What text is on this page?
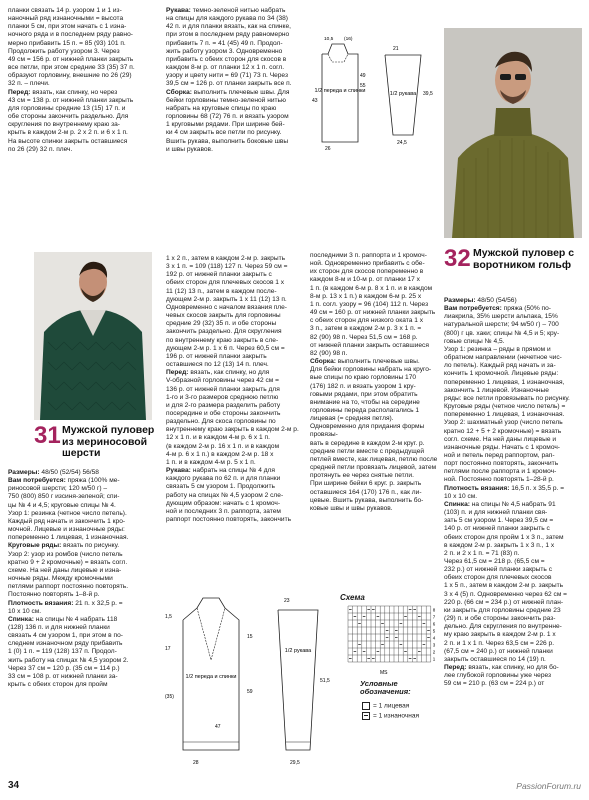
планки связать 14 р. узором 1 и 1 из-

наночный ряд изнаночными = высота

планки 5 см, при этом начать с 1 изна-

ночного ряда и в последнем ряду равно-

мерно прибавить 15 п. = 85 (93) 101 п.

Продолжить работу узором 3. Через

49 см = 156 р. от нижней планки закрыть

все петли, при этом средние 33 (35) 37 п.

образуют горловину, внешние по 26 (29)

32 п. – плечи.

Перед: вязать, как спинку, но через

43 см = 138 р. от нижней планки закрыть

для горловины средние 13 (15) 17 п. и

обе стороны закончить раздельно. Для

скругления по внутреннему краю за-

крыть в каждом 2-м р. 2 х 2 п. и 6 х 1 п.

На высоте спинки закрыть оставшиеся

по 26 (29) 32 п. плеч.

Рукава: темно-зеленой нитью набрать

на спицы для каждого рукава по 34 (38)

42 п. и для планки вязать, как на спинке,

при этом в последнем ряду равномерно

прибавить 7 п. = 41 (45) 49 п. Продол-

жить работу узором 3. Одновременно

прибавить с обеих сторон для скосов в

каждом 8-м р. от планки 12 х 1 п. согл.

узору и цвету нити = 69 (71) 73 п. Через

39,5 см = 126 р. от планки закрыть все п.

Сборка: выполнить плечевые швы. Для

бейки горловины темно-зеленой нитью

набрать на круговые спицы по краю

горловины 68 (72) 76 п. и вязать узором

1 круговыми рядами. При ширине бей-

ки 4 см закрыть все петли по рисунку.

Вшить рукава, выполнить боковые швы

и швы рукавов.

1/2 переда и спинки
43
49
55
26
10,5 (16)
1/2 рукава
21
39,5
24,5
31 Мужской пуловер из мериносовой шерсти
32 Мужской пуловер с воротником гольф

Размеры: 48/50 (52/54) 56/58

Вам потребуется: пряжа (100% ме-

риносовой шерсти; 120 м/50 г) –

750 (800) 850 г изсиня-зеленой; спи-

цы № 4 и 4,5; круговые спицы № 4.

Узор 1: резинка (четное число петель).

Каждый ряд начать и закончить 1 кро-

мочной. Лицевые и изнаночные ряды:

попеременно 1 лицевая, 1 изнаночная.

Круговые ряды: вязать по рисунку.

Узор 2: узор из ромбов (число петель

кратно 9 + 2 кромочные) = вязать согл.

схеме. На ней даны лицевые и изна-

ночные ряды. Между кромочными

петлями раппорт постоянно повторять.

Постоянно повторять 1–8-й р.

Плотность вязания: 21 п. х 32,5 р. =

10 х 10 см.

Спинка: на спицы № 4 набрать 118

(128) 136 п. и для нижней планки

связать 4 см узором 1, при этом в по-

следнем изнаночном ряду прибавить

1 (0) 1 п. = 119 (128) 137 п. Продол-

жить работу на спицах № 4,5 узором 2.

Через 37 см = 120 р. (35 см = 114 р.)

33 см = 108 р. от нижней планки за-

крыть с обеих сторон для пройм

1 х 2 п., затем в каждом 2-м р. закрыть

3 х 1 п. = 109 (118) 127 п. Через 59 см =

192 р. от нижней планки закрыть с

обеих сторон для плечевых скосов 1 х

11 (12) 13 п., затем в каждом после-

дующем 2-м р. закрыть 1 х 11 (12) 13 п.

Одновременно с началом вязания пле-

чевых скосов закрыть для горловины

средние 29 (32) 35 п. и обе стороны

закончить раздельно. Для скругления

по внутреннему краю закрыть в сле-

дующем 2-м р. 1 х 6 п. Через 60,5 см =

196 р. от нижней планки закрыть

оставшиеся по 12 (13) 14 п. плеч.

Перед: вязать, как спинку, но для

V-образной горловины через 42 см =

136 р. от нижней планки закрыть для

1-го и 3-го размеров среднюю петлю

и для 2-го размера разделить работу

посередине и обе стороны закончить

раздельно. Для скоса горловины по

внутреннему краю закрыть в каждом 2-м р.

12 х 1 п. и в каждом 4-м р. 6 х 1 п.

(в каждом 2-м р. 16 х 1 п. и в каждом

4-м р. 6 х 1 п.) в каждом 2-м р. 18 х

1 п. и в каждом 4-м р. 5 х 1 п.

Рукава: набрать на спицы № 4 для

каждого рукава по 62 п. и для планки

связать 5 см узором 1. Продолжить

работу на спицах № 4,5 узором 2 сле-

дующим образом: начать с 1 кромоч-

ной и последних 3 п. раппорта, затем

раппорт постоянно повторять, закончить

последними 3 п. раппорта и 1 кромоч-

ной. Одновременно прибавить с обе-

их сторон для скосов попеременно в

каждом 8-м и 10-м р. от планки 17 х

1 п. (в каждом 6-м р. 8 х 1 п. и в каждом

8-м р. 13 х 1 п.) в каждом 6-м р. 25 х

1 п. согл. узору = 96 (104) 112 п. Через

49 см = 160 р. от нижней планки закрыть

с обеих сторон для низкого оката 1 х

3 п., затем в каждом 2-м р. 3 х 1 п. =

82 (90) 98 п. Через 51,5 см = 168 р.

от нижней планки закрыть оставшиеся

82 (90) 98 п.

Сборка: выполнить плечевые швы.

Для бейки горловины набрать на круго-

вые спицы по краю горловины 170

(176) 182 п. и вязать узором 1 кру-

говыми рядами, при этом обратить

внимание на то, чтобы на середине

горловины переда располагались 1

лицевая (= средняя петля).

Одновременно для придания формы провязы-

вать в середине в каждом 2-м круг. р.

средние петли вместе с предыдущей

петлей вместе, как лицевая, петлю после

средней петли провязать лицевой, затем

протянуть ее через снятые петли.

При ширине бейки 6 круг. р. закрыть

оставшиеся 164 (170) 176 п., как ли-

цевые. Вшить рукава, выполнить бо-

ковые швы и швы рукавов.

Размеры: 48/50 (54/56)

Вам потребуется: пряжа (50% по-

лиакрила, 35% шерсти альпака, 15%

натуральной шерсти; 94 м/50 г) – 700

(800) г цв. хаки; спицы № 4,5 и 5; кру-

говые спицы № 4,5.

Узор 1: резинка – ряды в прямом и

обратном направлении (нечетное чис-

ло петель). Каждый ряд начать и за-

кончить 1 кромочной. Лицевые ряды:

попеременно 1 лицевая, 1 изнаночная,

закончить 1 лицевой. Изнаночные

ряды: все петли провязывать по рисунку.

Круговые ряды (четное число петель) =

попеременно 1 лицевая, 1 изнаночная.

Узор 2: шахматный узор (число петель

кратно 12 + 5 + 2 кромочные) = вязать

согл. схеме. На ней даны лицевые и

изнаночные ряды. Начать с 1 кромоч-

ной и петель перед раппортом, рап-

порт постоянно повторять, закончить

петлями после раппорта и 1 кромоч-

ной. Постоянно повторять 1–28-й р.

Плотность вязания: 16,5 п. х 35,5 р. =

10 х 10 см.

Спинка: на спицы № 4,5 набрать 91

(103) п. и для нижней планки свя-

зать 5 см узором 1. Через 39,5 см =

140 р. от нижней планки закрыть с

обеих сторон для пройм 1 х 3 п., затем

в каждом 2-м р. закрыть 1 х 3 п., 1 х

2 п. и 2 х 1 п. = 71 (83) п.

Через 61,5 см = 218 р. (65,5 см =

232 р.) от нижней планки закрыть с

обеих сторон для плечевых скосов

1 х 5 п., затем в каждом 2-м р. закрыть

3 х 4 (5) п. Одновременно через 62 см =

220 р. (66 см = 234 р.) от нижней план-

ки закрыть для горловины средние 23

(29) п. и обе стороны закончить раз-

дельно. Для скругления по внутренне-

му краю закрыть в каждом 2-м р. 1 х

2 п. и 1 х 1 п. Через 63,5 см = 226 р.

(67,5 см = 240 р.) от нижней планки

закрыть оставшиеся по 14 (19) п.

Перед: вязать, как спинку, но для бо-

лее глубокой горловины уже через

59 см = 210 р. (63 см = 224 р.) от

1/2 переда и спинки
1,5
17
(35)
15
59
47
28
1/2 рукава
23
51,5
29,5
Схема
8
7
6
5
4
3
2
1
MS
Условные обозначения:
= 1 лицевая
= 1 изнаночная
34	PassionForum.ru
